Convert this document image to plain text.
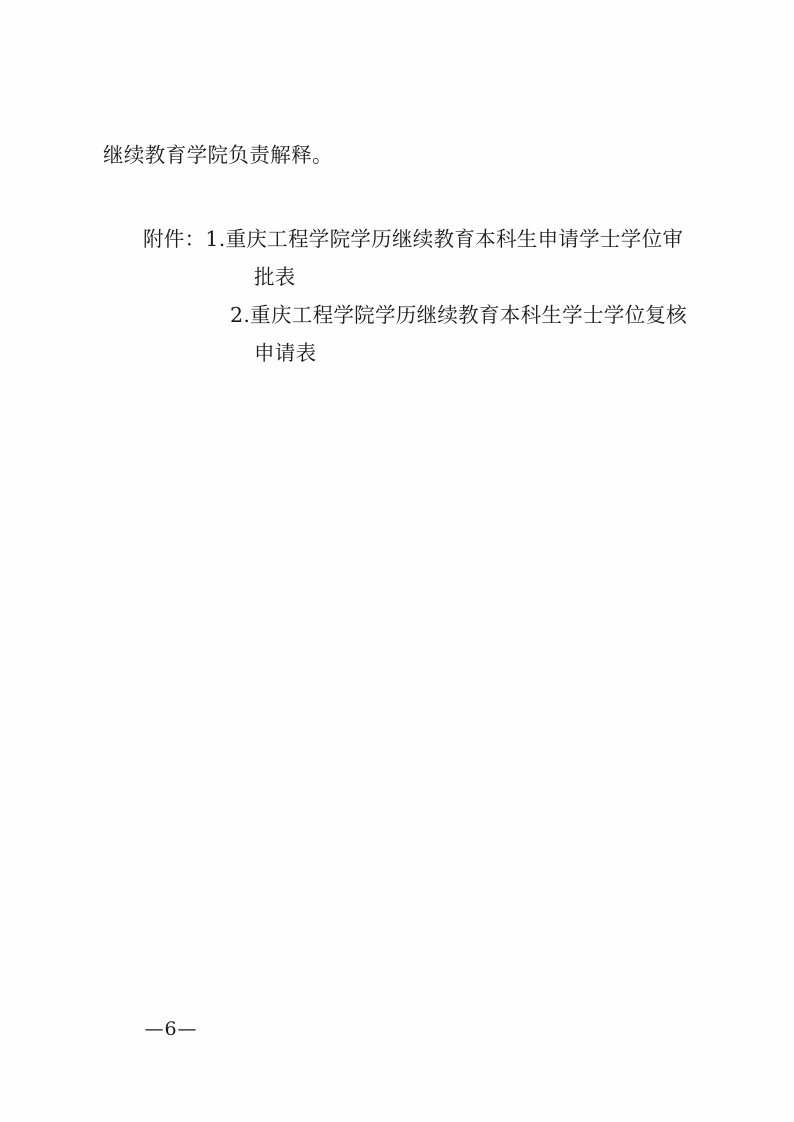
继续教育学院负责解释。
附件： 1. 重庆工程学院学历继续教育本科生申请学士学位审
批表
2. 重庆工程学院学历继续教育本科生学士学位复核
申请表
—6—
